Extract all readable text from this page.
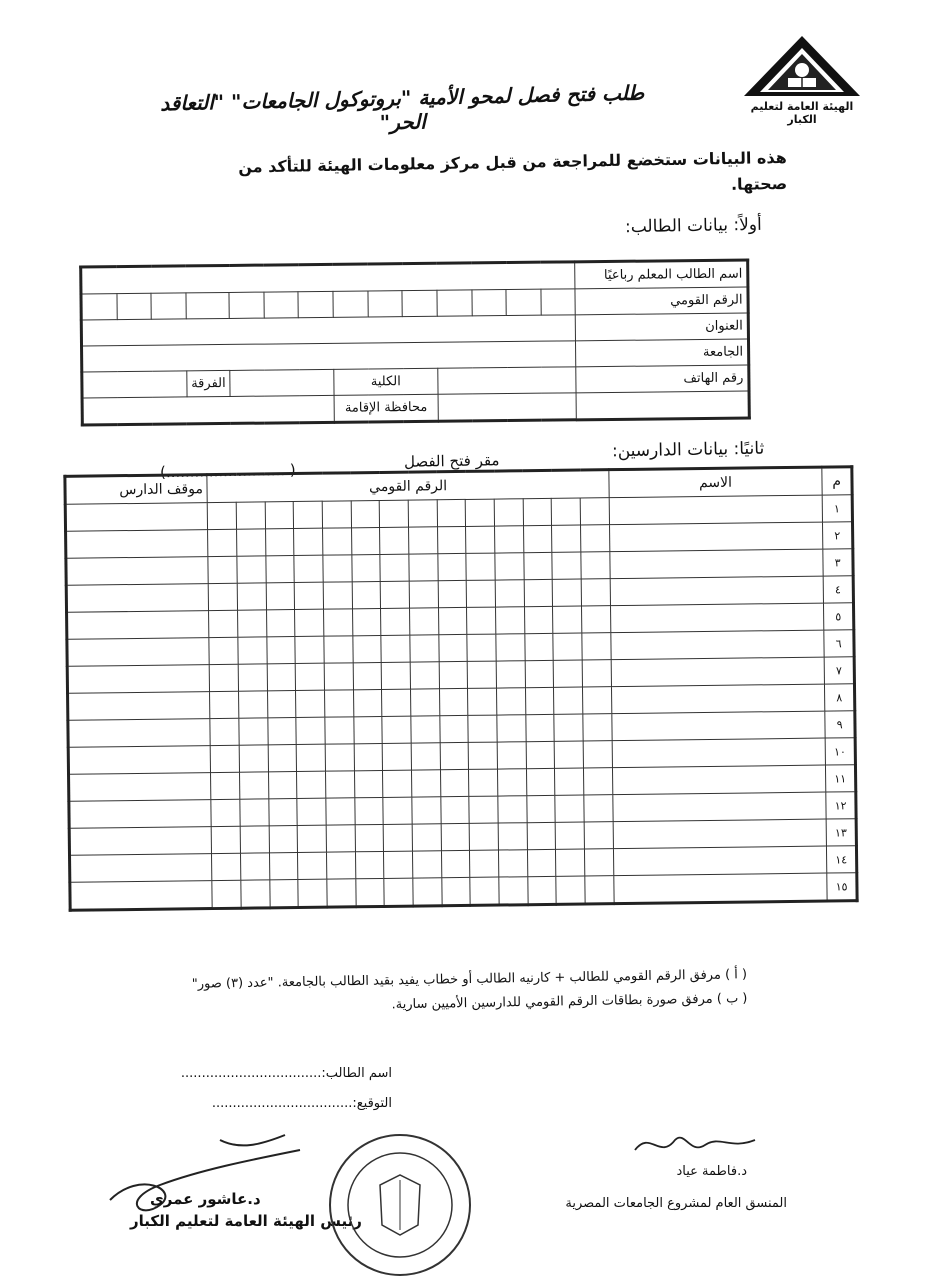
الهيئة العامة لتعليم الكبار
طلب فتح فصل لمحو الأمية "بروتوكول الجامعات" "التعاقد الحر"
هذه البيانات ستخضع للمراجعة من قبل مركز معلومات الهيئة للتأكد من صحتها.
أولاً: بيانات الطالب:
اسم الطالب المعلم رباعيًا														
الرقم القومي														
العنوان														
الجامعة														
رقم الهاتف					الكلية						الفرقة			
					محافظة الإقامة									
ثانيًا: بيانات الدارسين:
مقر فتح الفصل
(..........................)
م	الاسم	الرقم القومي														موقف الدارس
١																
٢																
٣																
٤																
٥																
٦																
٧																
٨																
٩																
١٠																
١١																
١٢																
١٣																
١٤																
١٥																
( أ ) مرفق الرقم القومي للطالب + كارنيه الطالب أو خطاب يفيد بقيد الطالب بالجامعة. "عدد (٣) صور"
( ب ) مرفق صورة بطاقات الرقم القومي للدارسين الأميين سارية.
اسم الطالب:..................................
التوقيع:..................................
د.عاشور عمري
رئيس الهيئة العامة لتعليم الكبار
د.فاطمة عياد
المنسق العام لمشروع الجامعات المصرية
